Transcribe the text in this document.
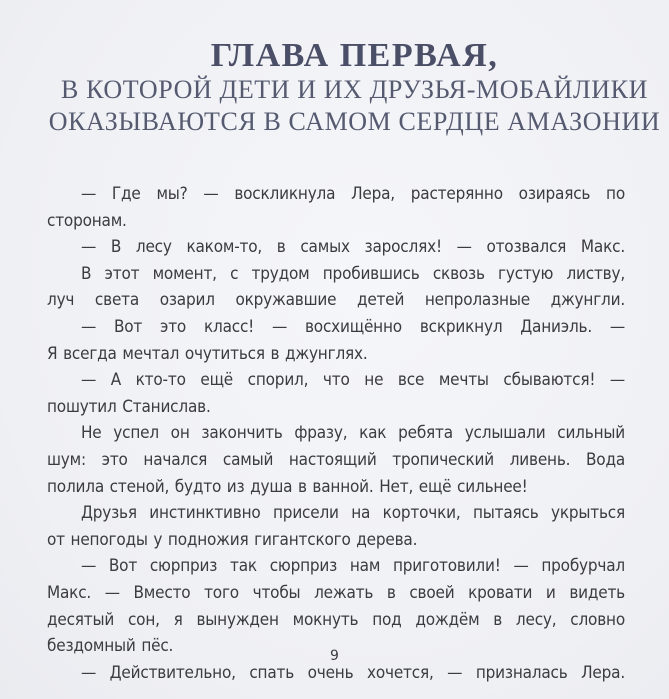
ГЛАВА ПЕРВАЯ,
В КОТОРОЙ ДЕТИ И ИХ ДРУЗЬЯ-МОБАЙЛИКИ
ОКАЗЫВАЮТСЯ В САМОМ СЕРДЦЕ АМАЗОНИИ
— Где мы? — воскликнула Лера, растерянно озираясь по
сторонам.
— В лесу каком-то, в самых зарослях! — отозвался Макс.
В этот момент, с трудом пробившись сквозь густую листву,
луч света озарил окружавшие детей непролазные джунгли.
— Вот это класс! — восхищённо вскрикнул Даниэль. —
Я всегда мечтал очутиться в джунглях.
— А кто-то ещё спорил, что не все мечты сбываются! —
пошутил Станислав.
Не успел он закончить фразу, как ребята услышали сильный
шум: это начался самый настоящий тропический ливень. Вода
полила стеной, будто из душа в ванной. Нет, ещё сильнее!
Друзья инстинктивно присели на корточки, пытаясь укрыться
от непогоды у подножия гигантского дерева.
— Вот сюрприз так сюрприз нам приготовили! — пробурчал
Макс. — Вместо того чтобы лежать в своей кровати и видеть
десятый сон, я вынужден мокнуть под дождём в лесу, словно
бездомный пёс.
— Действительно, спать очень хочется, — призналась Лера.
9
